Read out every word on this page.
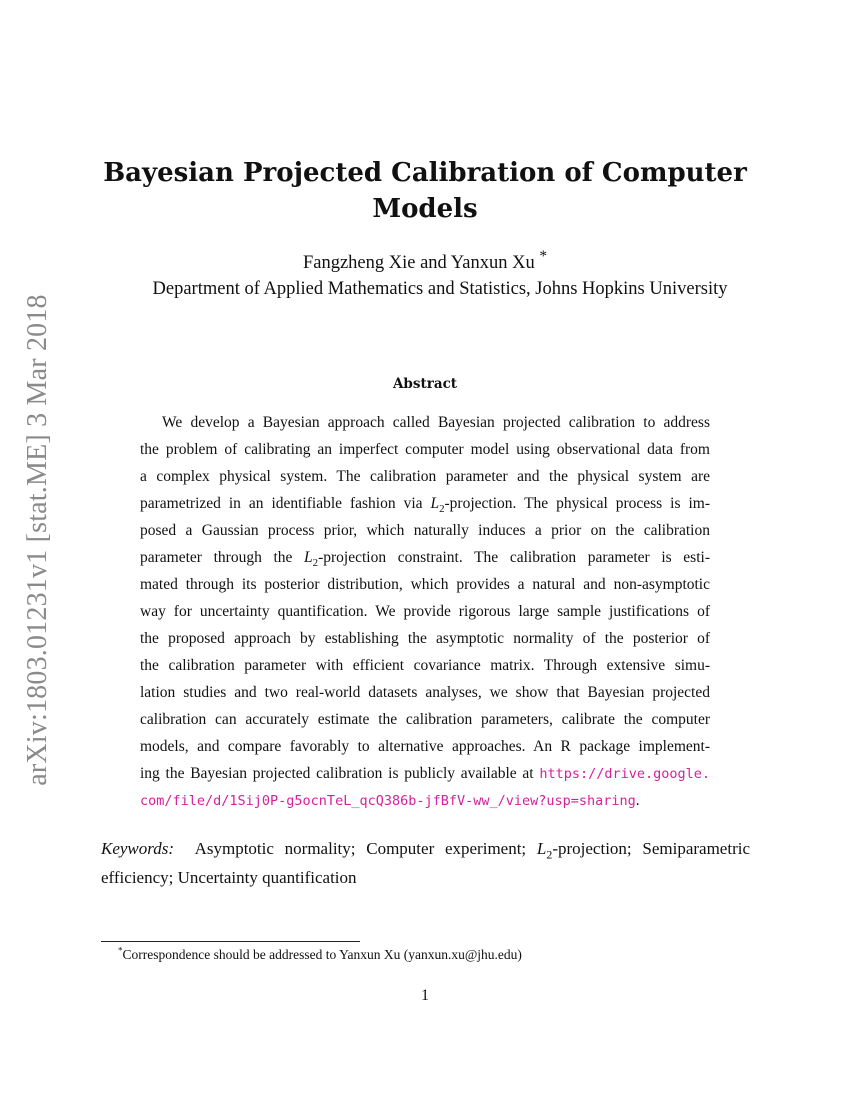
arXiv:1803.01231v1 [stat.ME] 3 Mar 2018
Bayesian Projected Calibration of Computer Models
Fangzheng Xie and Yanxun Xu *
Department of Applied Mathematics and Statistics, Johns Hopkins University
Abstract
We develop a Bayesian approach called Bayesian projected calibration to address
the problem of calibrating an imperfect computer model using observational data from
a complex physical system. The calibration parameter and the physical system are
parametrized in an identifiable fashion via $L_2$-projection. The physical process is im-
posed a Gaussian process prior, which naturally induces a prior on the calibration
parameter through the $L_2$-projection constraint. The calibration parameter is esti-
mated through its posterior distribution, which provides a natural and non-asymptotic
way for uncertainty quantification. We provide rigorous large sample justifications of
the proposed approach by establishing the asymptotic normality of the posterior of
the calibration parameter with efficient covariance matrix. Through extensive simu-
lation studies and two real-world datasets analyses, we show that Bayesian projected
calibration can accurately estimate the calibration parameters, calibrate the computer
models, and compare favorably to alternative approaches. An R package implement-
ing the Bayesian projected calibration is publicly available at https://drive.google.
com/file/d/1Sij0P-g5ocnTeL_qcQ386b-jfBfV-ww_/view?usp=sharing.
Keywords: Asymptotic normality; Computer experiment; $L_2$-projection; Semiparametric
efficiency; Uncertainty quantification
*Correspondence should be addressed to Yanxun Xu (yanxun.xu@jhu.edu)
1
